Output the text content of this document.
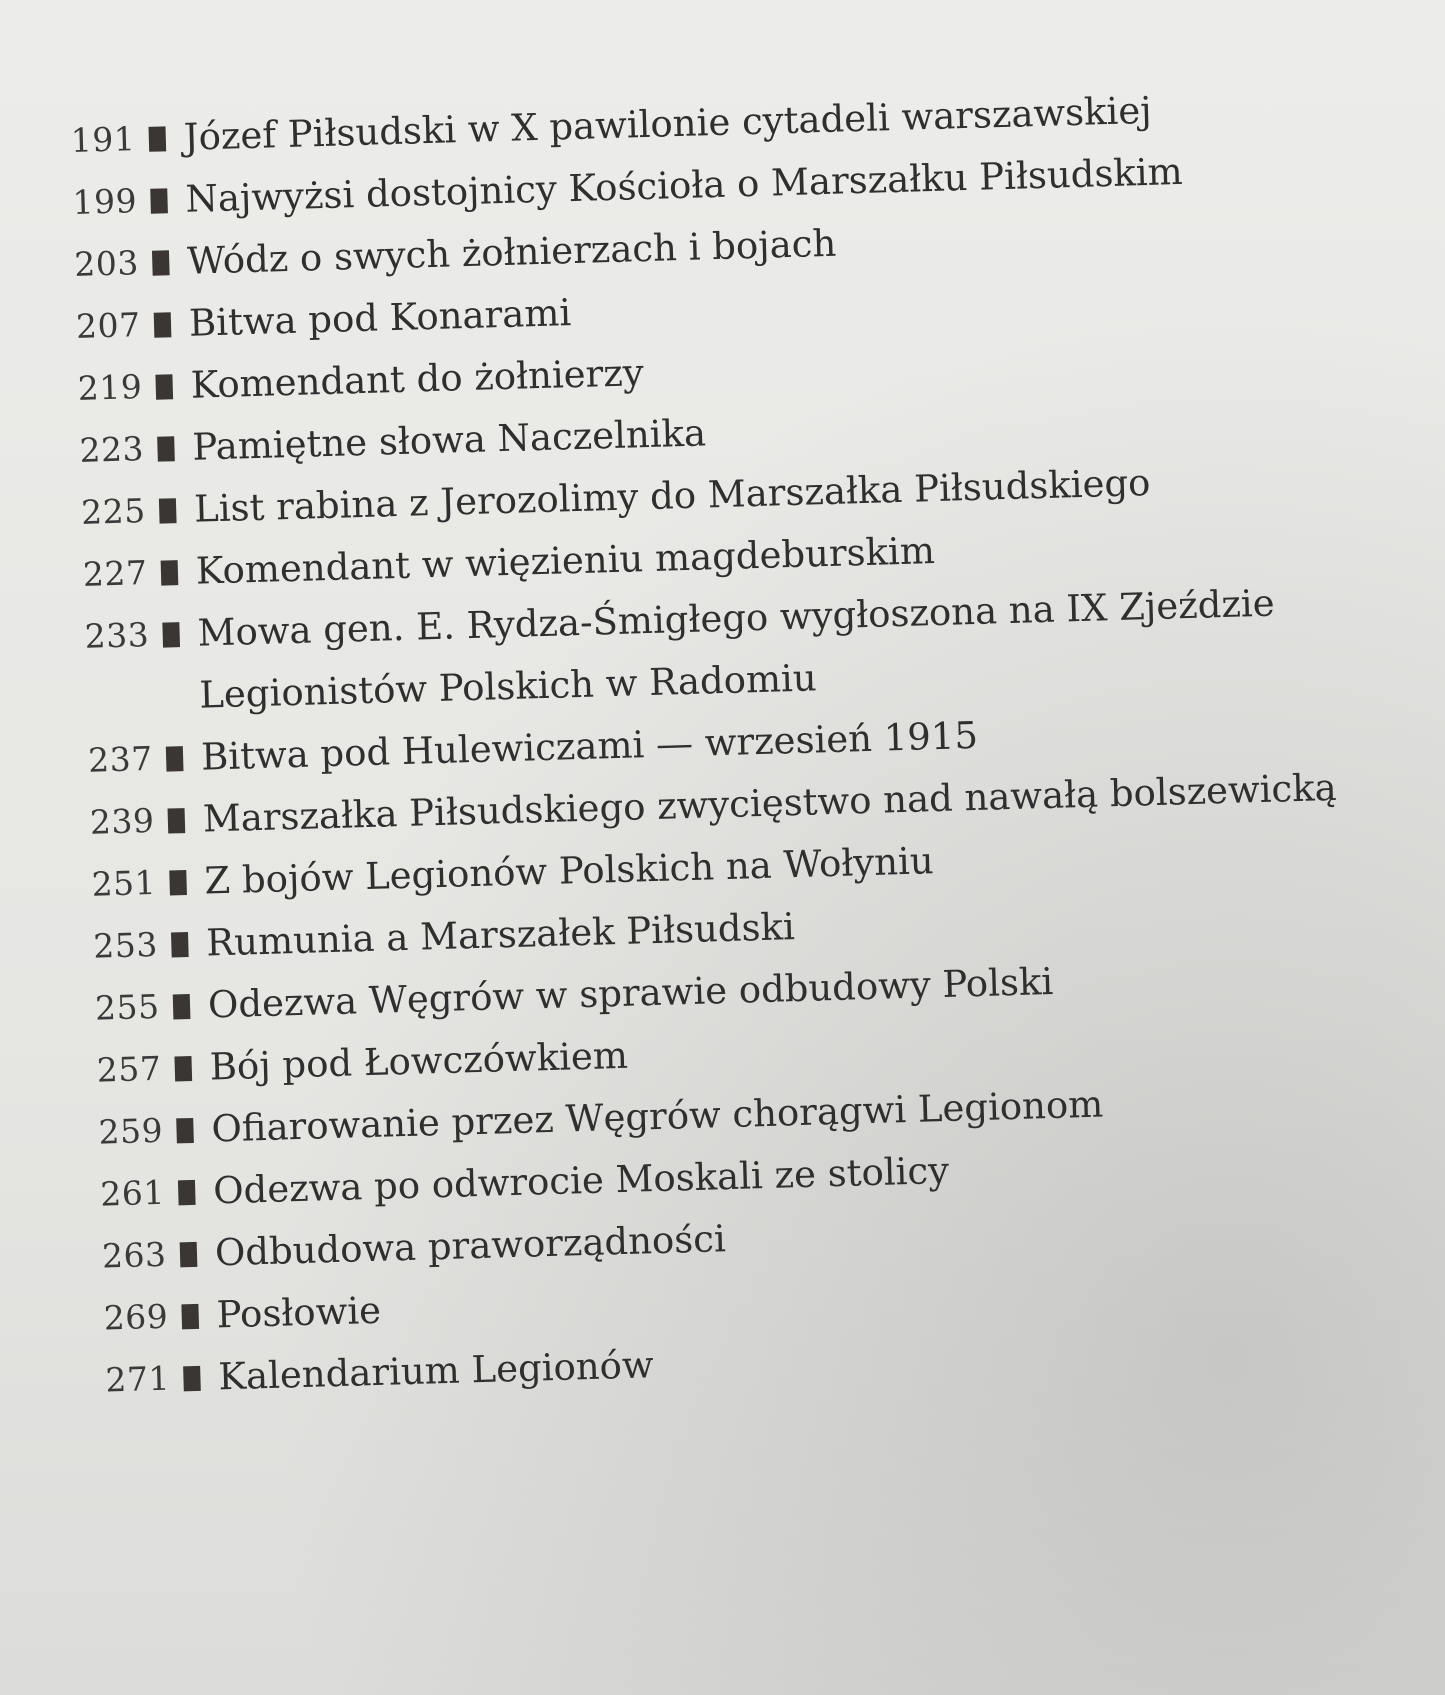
191	Józef Piłsudski w X pawilonie cytadeli warszawskiej
199	Najwyżsi dostojnicy Kościoła o Marszałku Piłsudskim
203	Wódz o swych żołnierzach i bojach
207	Bitwa pod Konarami
219	Komendant do żołnierzy
223	Pamiętne słowa Naczelnika
225	List rabina z Jerozolimy do Marszałka Piłsudskiego
227	Komendant w więzieniu magdeburskim
233	Mowa gen. E. Rydza-Śmigłego wygłoszona na IX Zjeździe
Legionistów Polskich w Radomiu
237	Bitwa pod Hulewiczami — wrzesień 1915
239	Marszałka Piłsudskiego zwycięstwo nad nawałą bolszewicką
251	Z bojów Legionów Polskich na Wołyniu
253	Rumunia a Marszałek Piłsudski
255	Odezwa Węgrów w sprawie odbudowy Polski
257	Bój pod Łowczówkiem
259	Ofiarowanie przez Węgrów chorągwi Legionom
261	Odezwa po odwrocie Moskali ze stolicy
263	Odbudowa praworządności
269	Posłowie
271	Kalendarium Legionów
